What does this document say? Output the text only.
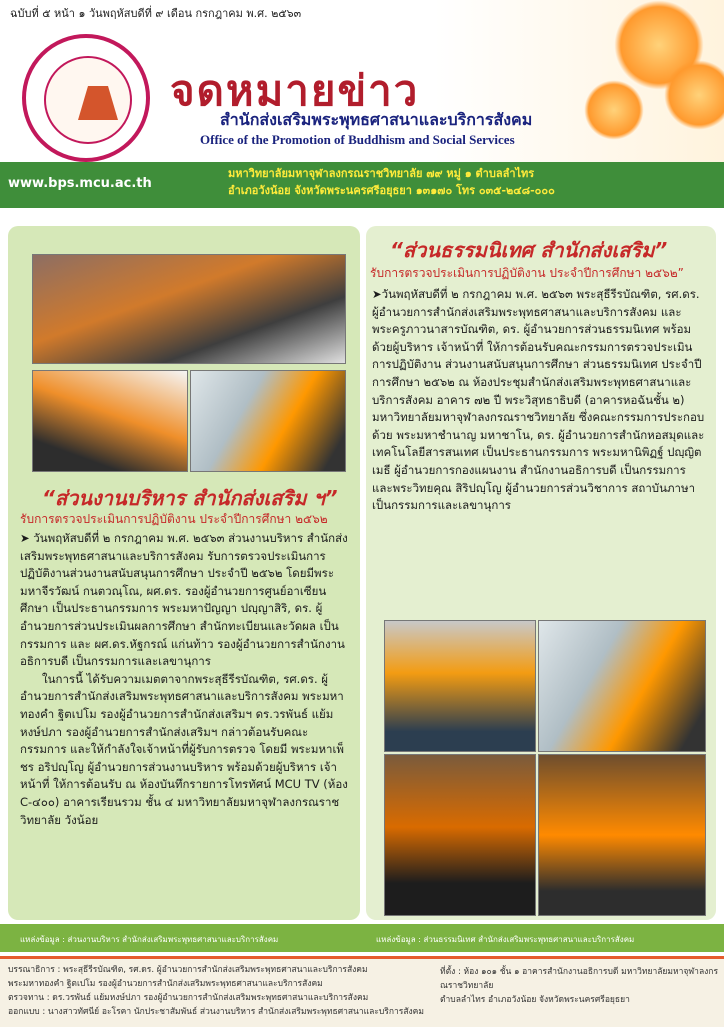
ฉบับที่ ๕ หน้า ๑ วันพฤหัสบดีที่ ๙ เดือน กรกฎาคม พ.ศ. ๒๕๖๓
จดหมายข่าว
สำนักส่งเสริมพระพุทธศาสนาและบริการสังคม
Office of the Promotion of Buddhism and Social Services
www.bps.mcu.ac.th
มหาวิทยาลัยมหาจุฬาลงกรณราชวิทยาลัย ๗๙ หมู่ ๑ ตำบลลำไทร
อำเภอวังน้อย จังหวัดพระนครศรีอยุธยา ๑๓๑๗๐ โทร ๐๓๕-๒๔๘-๐๐๐
“ส่วนงานบริหาร สำนักส่งเสริม ฯ”
รับการตรวจประเมินการปฏิบัติงาน ประจำปีการศึกษา ๒๕๖๒

➤ วันพฤหัสบดีที่ ๒ กรกฎาคม พ.ศ. ๒๕๖๓ ส่วนงานบริหาร สำนักส่งเสริมพระพุทธศาสนาและบริการสังคม รับการตรวจประเมินการปฏิบัติงานส่วนงานสนับสนุนการศึกษา ประจำปี ๒๕๖๒ โดยมีพระมหาจีรวัฒน์ กนตวณฺโณ, ผศ.ดร. รองผู้อำนวยการศูนย์อาเซียนศึกษา เป็นประธานกรรมการ พระมหาปัญญา ปญฺญาสิริ, ดร. ผู้อำนวยการส่วนประเมินผลการศึกษา สำนักทะเบียนและวัดผล เป็นกรรมการ และ ผศ.ดร.หัฐกรณ์ แก่นท้าว รองผู้อำนวยการสำนักงานอธิการบดี เป็นกรรมการและเลขานุการ

ในการนี้ ได้รับความเมตตาจากพระสุธีรีรบัณฑิต, รศ.ดร. ผู้อำนวยการสำนักส่งเสริมพระพุทธศาสนาและบริการสังคม พระมหาทองคำ ฐิตเปโม รองผู้อำนวยการสำนักส่งเสริมฯ ดร.วรพันธ์ แย้มหงษ์ปภา รองผู้อำนวยการสำนักส่งเสริมฯ กล่าวต้อนรับคณะกรรมการ และให้กำลังใจเจ้าหน้าที่ผู้รับการตรวจ โดยมี พระมหาเพ็ชร อริปญฺโญ ผู้อำนวยการส่วนงานบริหาร พร้อมด้วยผู้บริหาร เจ้าหน้าที่ ให้การต้อนรับ ณ ห้องบันทึกรายการโทรทัศน์ MCU TV (ห้อง C-๔๐๐) อาคารเรียนรวม ชั้น ๔ มหาวิทยาลัยมหาจุฬาลงกรณราชวิทยาลัย วังน้อย

“ส่วนธรรมนิเทศ สำนักส่งเสริม”
รับการตรวจประเมินการปฏิบัติงาน ประจำปีการศึกษา ๒๕๖๒”

➤วันพฤหัสบดีที่ ๒ กรกฎาคม พ.ศ. ๒๕๖๓ พระสุธีรีรบัณฑิต, รศ.ดร. ผู้อำนวยการสำนักส่งเสริมพระพุทธศาสนาและบริการสังคม และพระครูภาวนาสารบัณฑิต, ดร. ผู้อำนวยการส่วนธรรมนิเทศ พร้อมด้วยผู้บริหาร เจ้าหน้าที่ ให้การต้อนรับคณะกรรมการตรวจประเมินการปฏิบัติงาน ส่วนงานสนับสนุนการศึกษา ส่วนธรรมนิเทศ ประจำปีการศึกษา ๒๕๖๒ ณ ห้องประชุมสำนักส่งเสริมพระพุทธศาสนาและบริการสังคม อาคาร ๗๒ ปี พระวิสุทธาธิบดี (อาคารหอฉันชั้น ๒) มหาวิทยาลัยมหาจุฬาลงกรณราชวิทยาลัย ซึ่งคณะกรรมการประกอบด้วย พระมหาชำนาญ มหาชาโน, ดร. ผู้อำนวยการสำนักหอสมุดและเทคโนโลยีสารสนเทศ เป็นประธานกรรมการ พระมหานิพิฏฐ์ ปญฺญิตเมธี ผู้อำนวยการกองแผนงาน สำนักงานอธิการบดี เป็นกรรมการ และพระวิทยคุณ สิริปญฺโญ ผู้อำนวยการส่วนวิชาการ สถาบันภาษา เป็นกรรมการและเลขานุการ

แหล่งข้อมูล : ส่วนงานบริหาร สำนักส่งเสริมพระพุทธศาสนาและบริการสังคม	แหล่งข้อมูล : ส่วนธรรมนิเทศ สำนักส่งเสริมพระพุทธศาสนาและบริการสังคม
บรรณาธิการ : พระสุธีรีรบัณฑิต, รศ.ดร. ผู้อำนวยการสำนักส่งเสริมพระพุทธศาสนาและบริการสังคม
พระมหาทองคำ ฐิตเปโม รองผู้อำนวยการสำนักส่งเสริมพระพุทธศาสนาและบริการสังคม
ตรวจทาน : ดร.วรพันธ์ แย้มหงษ์ปภา รองผู้อำนวยการสำนักส่งเสริมพระพุทธศาสนาและบริการสังคม
ออกแบบ : นางสาวทัศนีย์ อะโรคา นักประชาสัมพันธ์ ส่วนงานบริหาร สำนักส่งเสริมพระพุทธศาสนาและบริการสังคม
ที่ตั้ง : ห้อง ๑๐๑ ชั้น ๑ อาคารสำนักงานอธิการบดี มหาวิทยาลัยมหาจุฬาลงกรณราชวิทยาลัย
ตำบลลำไทร อำเภอวังน้อย จังหวัดพระนครศรีอยุธยา
